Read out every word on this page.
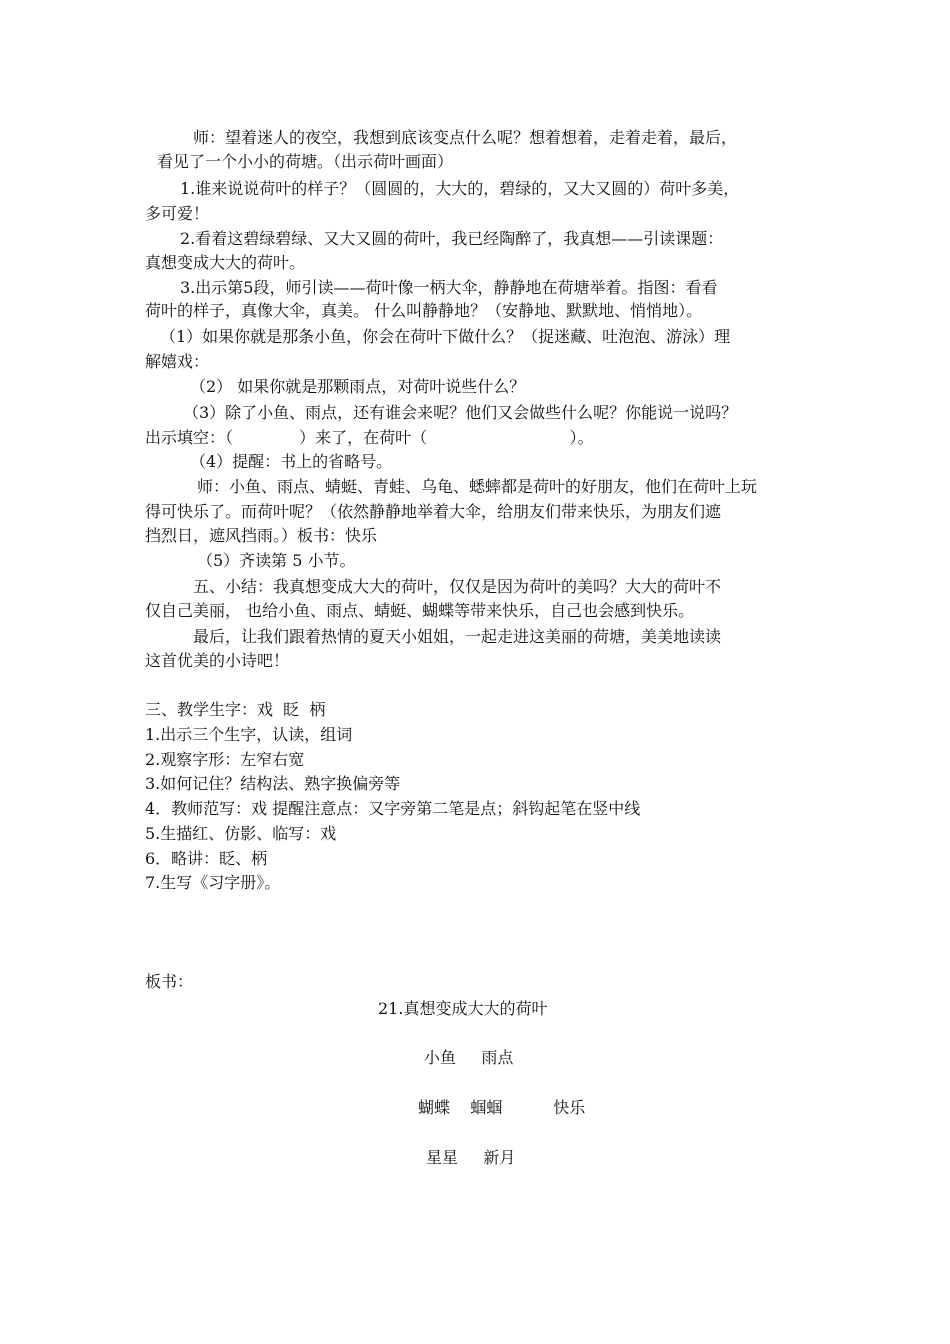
师：望着迷人的夜空，我想到底该变点什么呢？想着想着，走着走着，最后，
看见了一个小小的荷塘。（出示荷叶画面）
1.谁来说说荷叶的样子？（圆圆的，大大的，碧绿的，又大又圆的）荷叶多美，
多可爱！
2.看着这碧绿碧绿、又大又圆的荷叶，我已经陶醉了，我真想——引读课题：
真想变成大大的荷叶。
3.出示第5段，师引读——荷叶像一柄大伞，静静地在荷塘举着。指图：看看
荷叶的样子，真像大伞，真美。 什么叫静静地？（安静地、默默地、悄悄地）。
（1）如果你就是那条小鱼，你会在荷叶下做什么？（捉迷藏、吐泡泡、游泳）理
解嬉戏：
（2） 如果你就是那颗雨点，对荷叶说些什么？
（3）除了小鱼、雨点，还有谁会来呢？他们又会做些什么呢？你能说一说吗？
出示填空：（             ）来了，在荷叶（                            ）。
（4）提醒：书上的省略号。
师：小鱼、雨点、蜻蜓、青蛙、乌龟、蟋蟀都是荷叶的好朋友，他们在荷叶上玩
得可快乐了。而荷叶呢？（依然静静地举着大伞，给朋友们带来快乐，为朋友们遮
挡烈日，遮风挡雨。）板书：快乐
（5）齐读第 5 小节。
五、小结：我真想变成大大的荷叶，仅仅是因为荷叶的美吗？大大的荷叶不
仅自己美丽， 也给小鱼、雨点、蜻蜓、蝴蝶等带来快乐，自己也会感到快乐。
最后，让我们跟着热情的夏天小姐姐，一起走进这美丽的荷塘，美美地读读
这首优美的小诗吧！
三、教学生字：戏  眨  柄
1.出示三个生字，认读，组词
2.观察字形：左窄右宽
3.如何记住？结构法、熟字换偏旁等
4．教师范写：戏 提醒注意点：又字旁第二笔是点；斜钩起笔在竖中线
5.生描红、仿影、临写：戏
6．略讲：眨、柄
7.生写《习字册》。
板书：
21.真想变成大大的荷叶
小鱼     雨点
蝴蝶    蝈蝈          快乐
星星     新月
